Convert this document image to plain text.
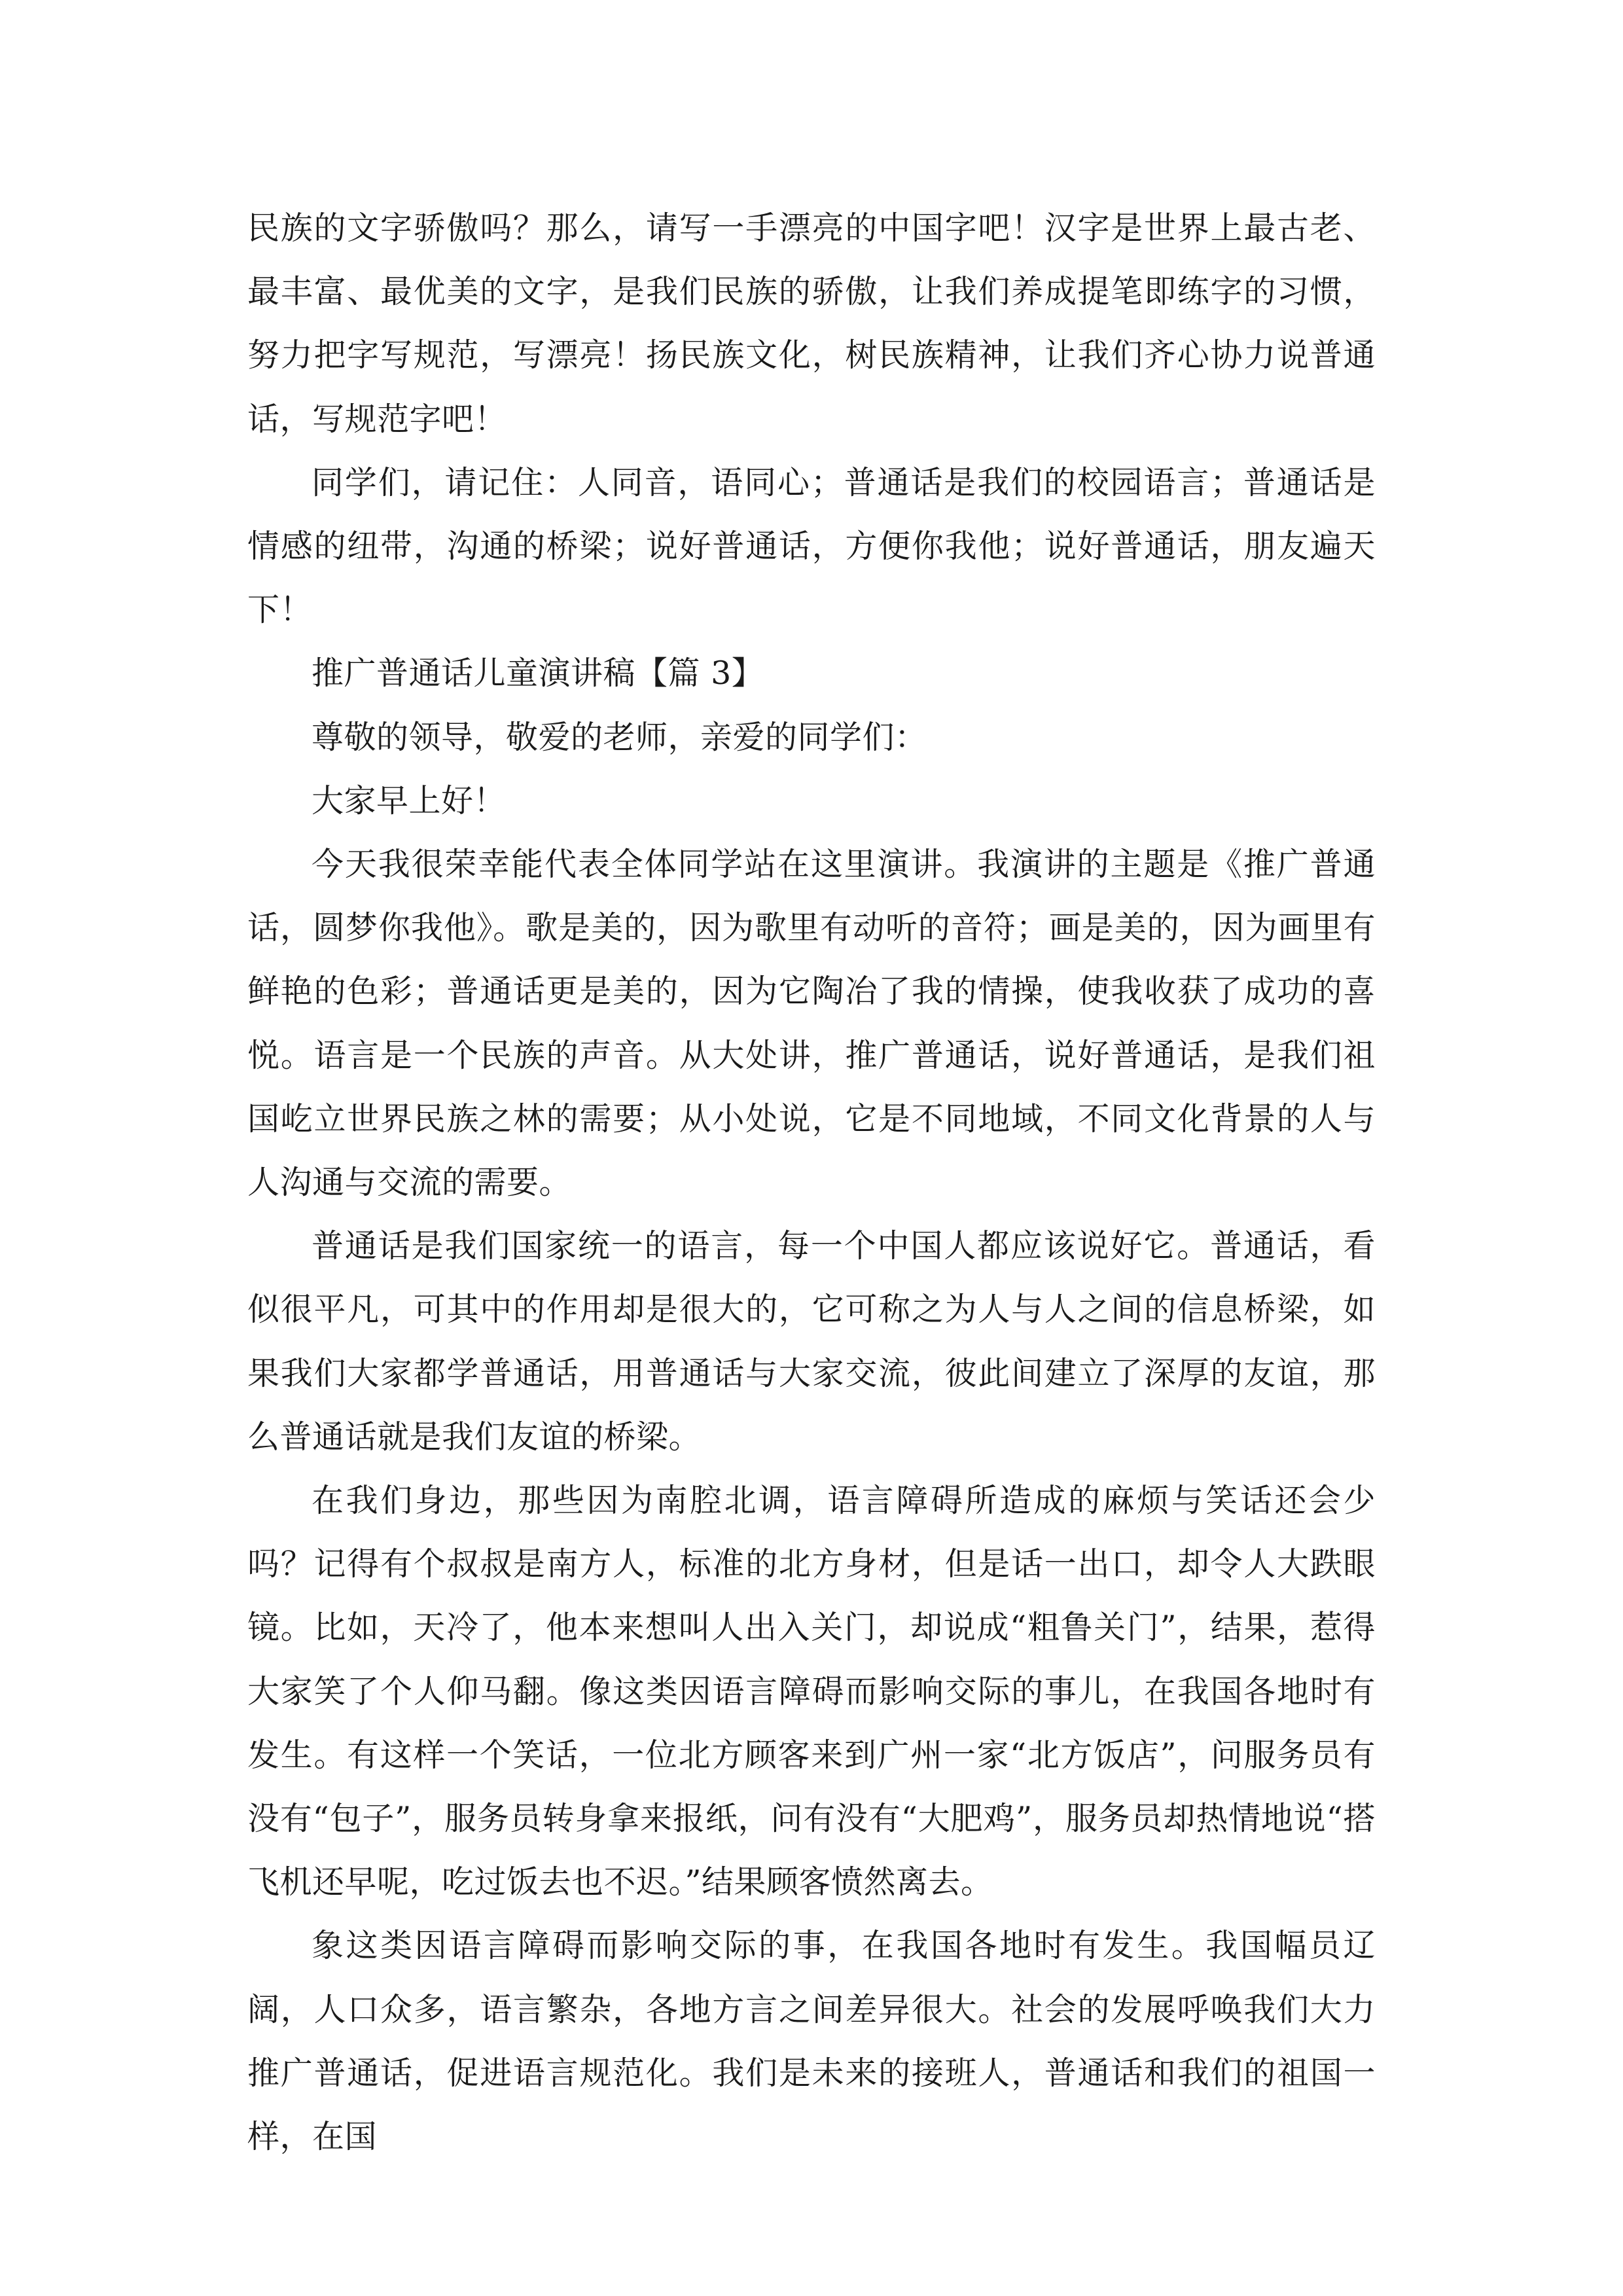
民族的文字骄傲吗？那么，请写一手漂亮的中国字吧！汉字是世界上最古老、最丰富、最优美的文字，是我们民族的骄傲，让我们养成提笔即练字的习惯，努力把字写规范，写漂亮！扬民族文化，树民族精神，让我们齐心协力说普通话，写规范字吧！

同学们，请记住：人同音，语同心；普通话是我们的校园语言；普通话是情感的纽带，沟通的桥梁；说好普通话，方便你我他；说好普通话，朋友遍天下！

推广普通话儿童演讲稿【篇 3】

尊敬的领导，敬爱的老师，亲爱的同学们：

大家早上好！

今天我很荣幸能代表全体同学站在这里演讲。我演讲的主题是《推广普通话，圆梦你我他》。歌是美的，因为歌里有动听的音符；画是美的，因为画里有鲜艳的色彩；普通话更是美的，因为它陶冶了我的情操，使我收获了成功的喜悦。语言是一个民族的声音。从大处讲，推广普通话，说好普通话，是我们祖国屹立世界民族之林的需要；从小处说，它是不同地域，不同文化背景的人与人沟通与交流的需要。

普通话是我们国家统一的语言，每一个中国人都应该说好它。普通话，看似很平凡，可其中的作用却是很大的，它可称之为人与人之间的信息桥梁，如果我们大家都学普通话，用普通话与大家交流，彼此间建立了深厚的友谊，那么普通话就是我们友谊的桥梁。

在我们身边，那些因为南腔北调，语言障碍所造成的麻烦与笑话还会少吗？记得有个叔叔是南方人，标准的北方身材，但是话一出口，却令人大跌眼镜。比如，天冷了，他本来想叫人出入关门，却说成“粗鲁关门”，结果，惹得大家笑了个人仰马翻。像这类因语言障碍而影响交际的事儿，在我国各地时有发生。有这样一个笑话，一位北方顾客来到广州一家“北方饭店”，问服务员有没有“包子”，服务员转身拿来报纸，问有没有“大肥鸡”，服务员却热情地说“搭飞机还早呢，吃过饭去也不迟。”结果顾客愤然离去。

象这类因语言障碍而影响交际的事，在我国各地时有发生。我国幅员辽阔，人口众多，语言繁杂，各地方言之间差异很大。社会的发展呼唤我们大力推广普通话，促进语言规范化。我们是未来的接班人，普通话和我们的祖国一样，在国
